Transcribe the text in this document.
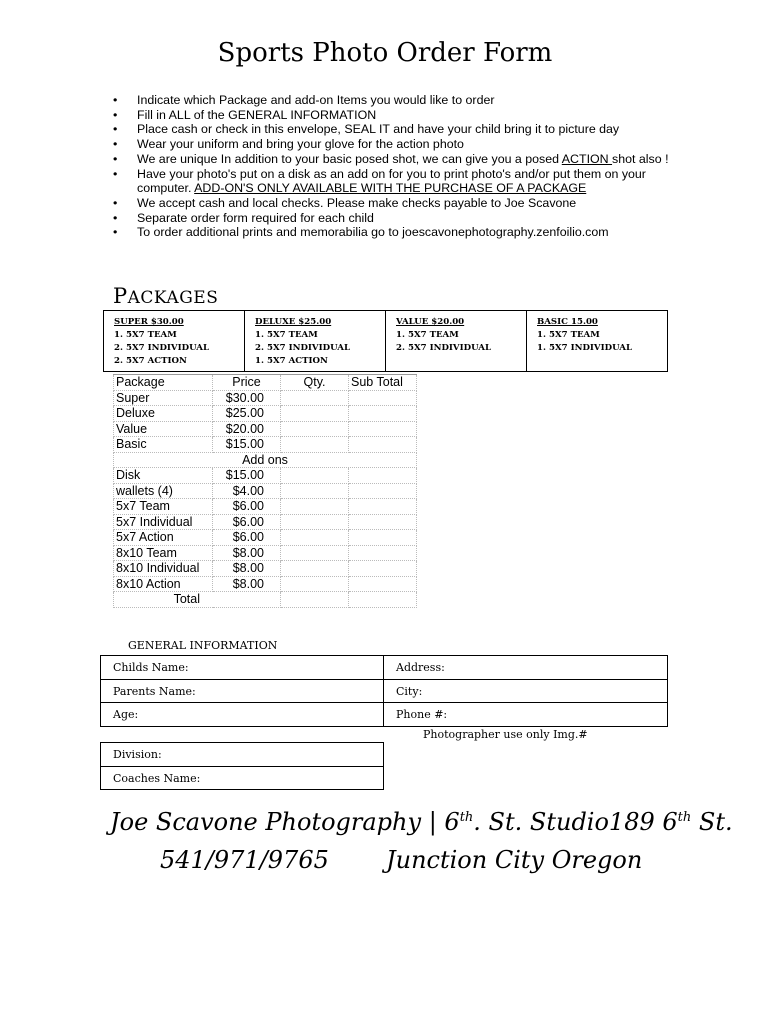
Sports Photo Order Form
• Indicate which Package and add-on Items you would like to order
• Fill in ALL of the GENERAL INFORMATION
• Place cash or check in this envelope, SEAL IT and have your child bring it to picture day
• Wear your uniform and bring your glove for the action photo
• We are unique In addition to your basic posed shot, we can give you a posed ACTION shot also !
• Have your photo's put on a disk as an add on for you to print photo's and/or put them on your computer. ADD-ON'S ONLY AVAILABLE WITH THE PURCHASE OF A PACKAGE
• We accept cash and local checks. Please make checks payable to Joe Scavone
• Separate order form required for each child
• To order additional prints and memorabilia go to joescavonephotography.zenfoilio.com
PACKAGES
SUPER $30.00
1. 5X7 TEAM
2. 5X7 INDIVIDUAL
2. 5X7 ACTION
DELUXE $25.00
1. 5X7 TEAM
2. 5X7 INDIVIDUAL
1. 5X7 ACTION
VALUE $20.00
1. 5X7 TEAM
2. 5X7 INDIVIDUAL
BASIC 15.00
1. 5X7 TEAM
1. 5X7 INDIVIDUAL
Package	Price	Qty.	Sub Total
Super	$30.00		
Deluxe	$25.00		
Value	$20.00		
Basic	$15.00		
Add ons			
Disk	$15.00		
wallets (4)	$4.00		
5x7 Team	$6.00		
5x7 Individual	$6.00		
5x7 Action	$6.00		
8x10 Team	$8.00		
8x10 Individual	$8.00		
8x10 Action	$8.00		
Total			
GENERAL INFORMATION
Childs Name:	Address:
Parents Name:	City:
Age:	Phone #:
Photographer use only Img.#
Division:
Coaches Name:
Joe Scavone Photography | 6th. St. Studio189 6th St.
541/971/9765 Junction City Oregon
